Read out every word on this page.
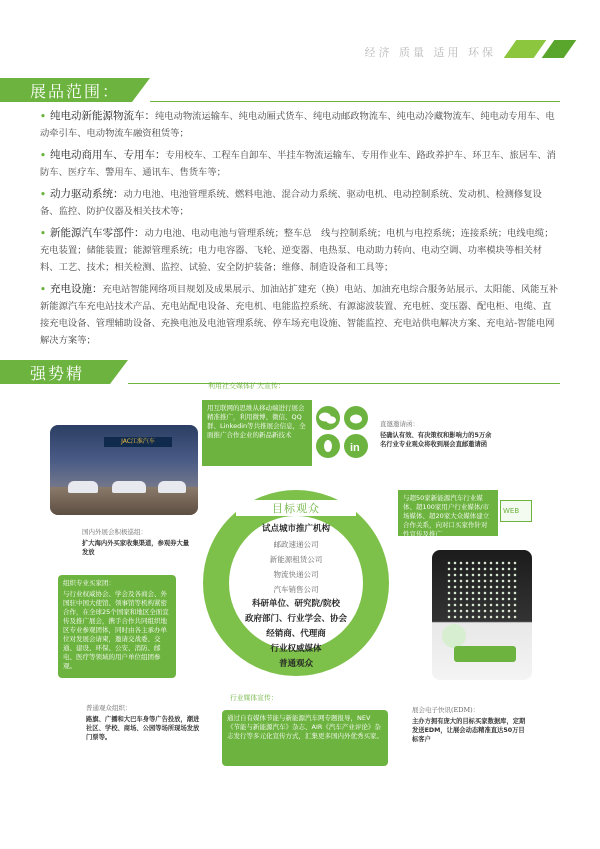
经济 质量 适用 环保
展品范围：

• 纯电动新能源物流车：纯电动物流运输车、纯电动厢式货车、纯电动邮政物流车、纯电动冷藏物流车、纯电动专用车、电动牵引车、电动物流车融资租赁等；

• 纯电动商用车、专用车：专用校车、工程车自卸车、半挂车物流运输车、专用作业车、路政养护车、环卫车、旅居车、消防车、医疗车、警用车、通讯车、售货车等；

• 动力驱动系统：动力电池、电池管理系统、燃料电池、混合动力系统、驱动电机、电动控制系统、发动机、检测修复设备、监控、防护仪器及相关技术等；

• 新能源汽车零部件：动力电池、电动电池与管理系统；整车总　线与控制系统；电机与电控系统；连接系统；电线电缆；充电装置；储能装置；能源管理系统；电力电容器、飞轮、逆变器、电热泵、电动助力转向、电动空调、功率模块等相关材料、工艺、技术；相关检测、监控、试验、安全防护装备；维修、制造设备和工具等；

• 充电设施：充电站智能网络项目规划及成果展示、加油站扩建充（换）电站、加油充电综合服务站展示、太阳能、风能互补新能源汽车充电站技术产品、充电站配电设备、充电机、电能监控系统、有源滤波装置、充电桩、变压器、配电柜、电缆、直接充电设备、管理辅助设备、充换电池及电池管理系统、停车场充电设施、智能监控、充电站供电解决方案、充电站-智能电网解决方案等；

强势精准：
JAC江淮汽车
利用社交媒体扩大宣传：
用互联网的思维从移动端进行展会精准推广，利用微博、微信、QQ群、Linkedin等共推展会信息，全面推广合作企业的新品新技术
in
直邀邀请函：
径确认有效、有决策权和影响力的5万余名行业专业观众将收到展会直邮邀请函
与超50家新能源汽车行业媒体、超100家用户行业媒体/市场媒体、超20家大众媒体建立合作关系，向对口买家作针对性宣传及推广
WEB
国内外展会积极巡组：
扩大海内外买家收集渠道，参观券大量发放
目标观众
试点城市推广机构
邮政速递公司
新能源租赁公司
物流快递公司
汽车销售公司
科研单位、研究院/院校
政府部门、行业学会、协会
经销商、代理商
行业权威媒体
普通观众
组织专业买家团：
与行业权威协会、学会及各商会、外国驻中国大使馆、领事馆等机构紧密合作，在全球25个国家和地区全面宣传及推广展会，携手合作共同组织地区专业参观团体，同时由各主承办单位对发展会请柬，邀请交战委、交通、建设、环保、公安、消防、邮电、医疗等领域的用户单位组团参观。
普通观众组织：
路旗、广播和大巴车身等广告投放，潮进社区、学校、商场、公园等场所现场发放门票等。
行业媒体宣传：
通过自有媒体节能与新能源汽车网专题报导，NEV《节能与新能源汽车》杂志、AIR《汽车产业评论》杂志发行等多元化宣传方式，汇集更多国内外优秀买家。
展会电子快讯(EDM)：
主办方拥有庞大的目标买家数据库，定期发送EDM，让展会动态精准直达50万目标客户
